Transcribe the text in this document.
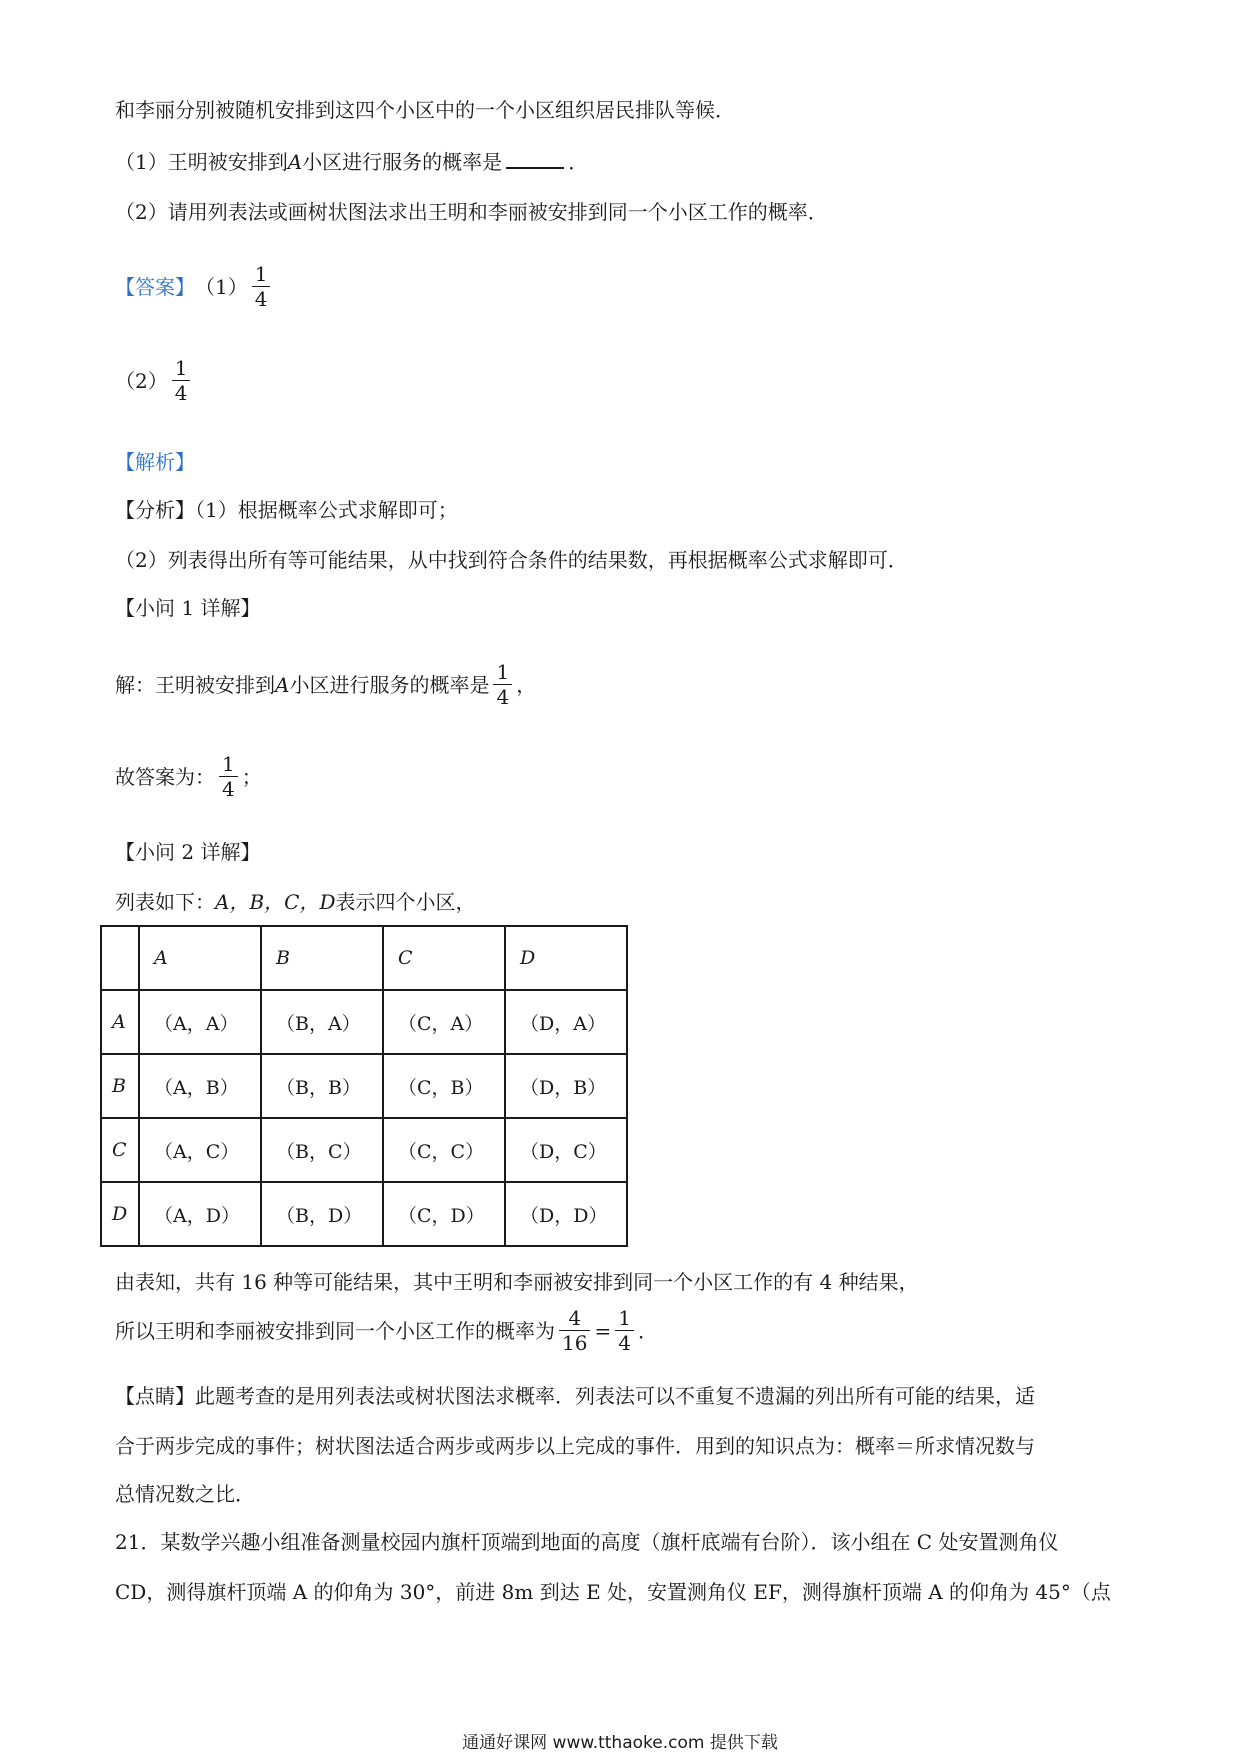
和李丽分别被随机安排到这四个小区中的一个小区组织居民排队等候．
（1）王明被安排到A小区进行服务的概率是	．
（2）请用列表法或画树状图法求出王明和李丽被安排到同一个小区工作的概率．
【答案】 $(1) \frac{1}{4}$
$(2) \frac{1}{4}$
【解析】
【分析】（1）根据概率公式求解即可；
（2）列表得出所有等可能结果，从中找到符合条件的结果数，再根据概率公式求解即可．
【小问 1 详解】
解：王明被安排到 A 小区进行服务的概率是 $\frac{1}{4}$ ，
故答案为： $\frac{1}{4}$ ；
【小问 2 详解】
列表如下：A，B，C，D表示四个小区，
	A	B	C	D
A	（A，A）	（B，A）	（C，A）	（D，A）
B	（A，B）	（B，B）	（C，B）	（D，B）
C	（A，C）	（B，C）	（C，C）	（D，C）
D	（A，D）	（B，D）	（C，D）	（D，D）
由表知，共有 16 种等可能结果，其中王明和李丽被安排到同一个小区工作的有 4 种结果，
所以王明和李丽被安排到同一个小区工作的概率为 $\frac{4}{16} = \frac{1}{4}$ ．
【点睛】此题考查的是用列表法或树状图法求概率．列表法可以不重复不遗漏的列出所有可能的结果，适
合于两步完成的事件；树状图法适合两步或两步以上完成的事件．用到的知识点为：概率＝所求情况数与
总情况数之比．
21．某数学兴趣小组准备测量校园内旗杆顶端到地面的高度（旗杆底端有台阶）．该小组在 C 处安置测角仪
CD，测得旗杆顶端 A 的仰角为 30°，前进 8m 到达 E 处，安置测角仪 EF，测得旗杆顶端 A 的仰角为 45°（点
通通好课网 www.tthaoke.com 提供下载
